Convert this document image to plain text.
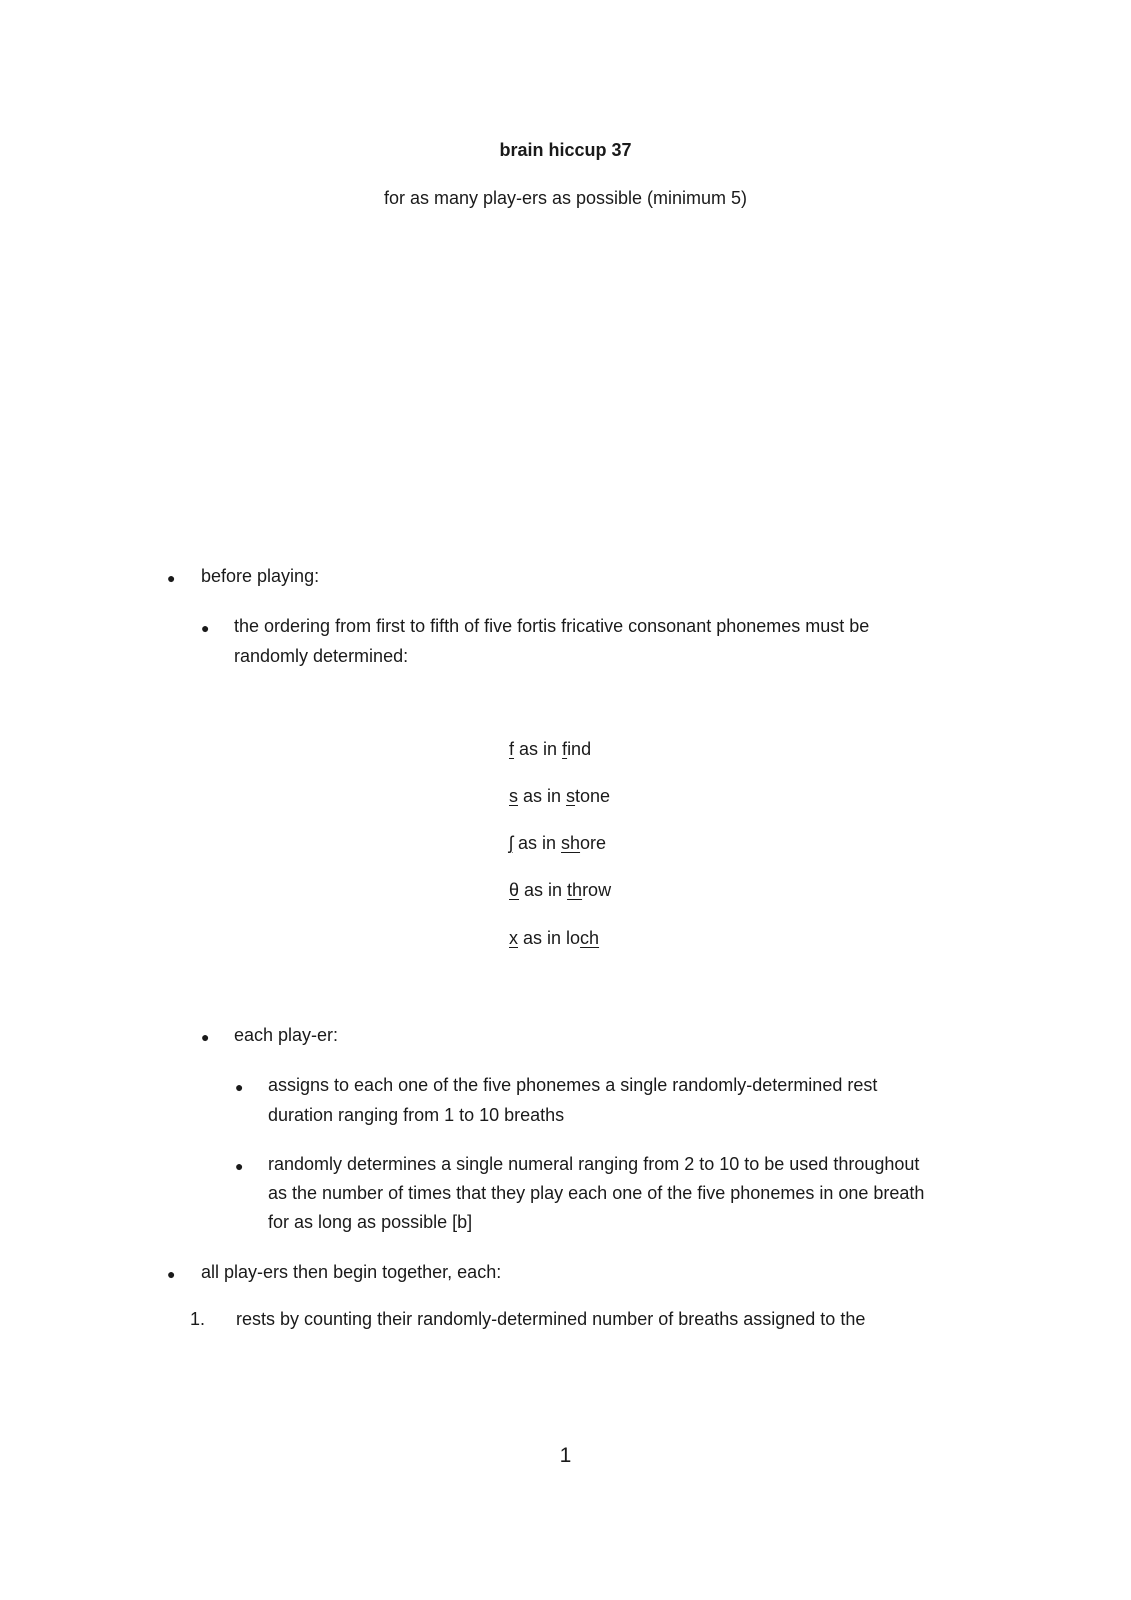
brain hiccup 37
for as many play-ers as possible (minimum 5)
● before playing:
● the ordering from first to fifth of five fortis fricative consonant phonemes must be
randomly determined:
f as in find
s as in stone
ʃ as in shore
θ as in throw
x as in loch
● each play-er:
● assigns to each one of the five phonemes a single randomly-determined rest
duration ranging from 1 to 10 breaths
● randomly determines a single numeral ranging from 2 to 10 to be used throughout
as the number of times that they play each one of the five phonemes in one breath
for as long as possible [b]
● all play-ers then begin together, each:
1. rests by counting their randomly-determined number of breaths assigned to the
1
